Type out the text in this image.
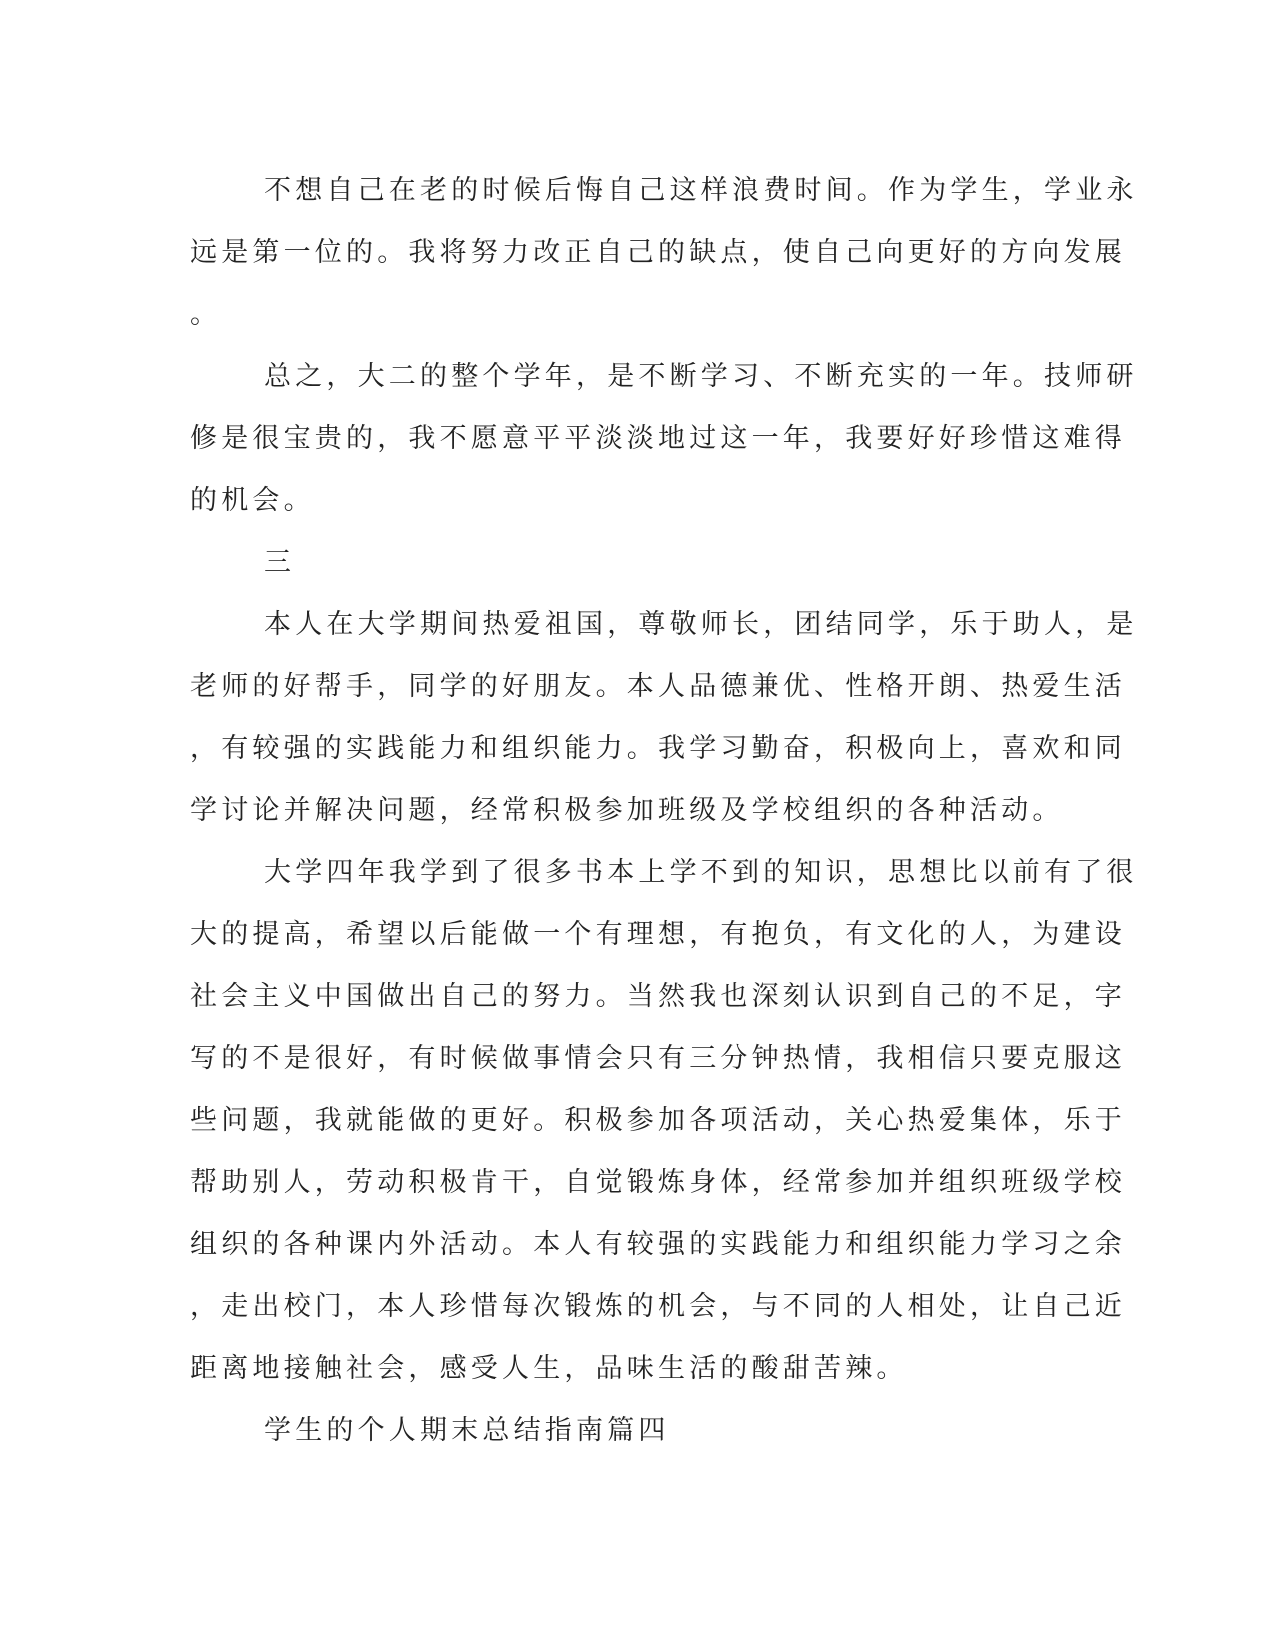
不想自己在老的时候后悔自己这样浪费时间。作为学生，学业永
远是第一位的。我将努力改正自己的缺点，使自己向更好的方向发展
。
总之，大二的整个学年，是不断学习、不断充实的一年。技师研
修是很宝贵的，我不愿意平平淡淡地过这一年，我要好好珍惜这难得
的机会。
三
本人在大学期间热爱祖国，尊敬师长，团结同学，乐于助人，是
老师的好帮手，同学的好朋友。本人品德兼优、性格开朗、热爱生活
，有较强的实践能力和组织能力。我学习勤奋，积极向上，喜欢和同
学讨论并解决问题，经常积极参加班级及学校组织的各种活动。
大学四年我学到了很多书本上学不到的知识，思想比以前有了很
大的提高，希望以后能做一个有理想，有抱负，有文化的人，为建设
社会主义中国做出自己的努力。当然我也深刻认识到自己的不足，字
写的不是很好，有时候做事情会只有三分钟热情，我相信只要克服这
些问题，我就能做的更好。积极参加各项活动，关心热爱集体，乐于
帮助别人，劳动积极肯干，自觉锻炼身体，经常参加并组织班级学校
组织的各种课内外活动。本人有较强的实践能力和组织能力学习之余
，走出校门，本人珍惜每次锻炼的机会，与不同的人相处，让自己近
距离地接触社会，感受人生，品味生活的酸甜苦辣。
学生的个人期末总结指南篇四
